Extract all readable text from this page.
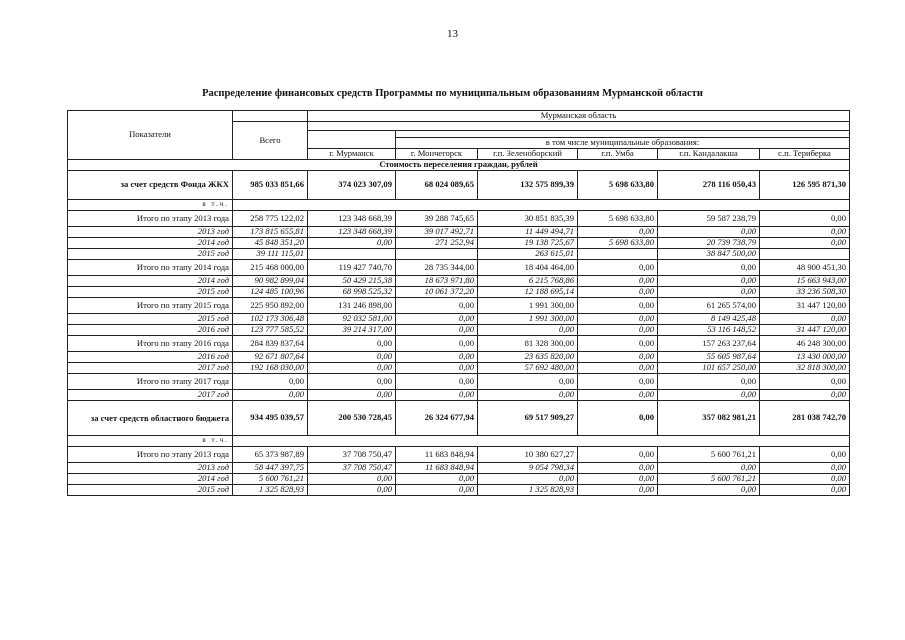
13
Распределение финансовых средств Программы по муниципальным образованиям Мурманской области
Показатели		Мурманская область					
	Всего						

			в том числе муниципальные образования:				
		г. Мурманск	г. Мончегорск	г.п. Зеленоборский	г.п. Умба	г.п. Кандалакша	с.п. Териберка
Стоимость переселения граждан, рублей							
за счет средств Фонда ЖКХ	985 033 851,66	374 023 307,09	68 024 089,65	132 575 899,39	5 698 633,80	278 116 050,43	126 595 871,30
в т.ч.							
Итого по этапу 2013 года	258 775 122,02	123 348 668,39	39 288 745,65	30 851 835,39	5 698 633,80	59 587 238,79	0,00
2013 год	173 815 655,81	123 348 668,39	39 017 492,71	11 449 494,71	0,00	0,00	0,00
2014 год	45 848 351,20	0,00	271 252,94	19 138 725,67	5 698 633,80	20 739 738,79	0,00
2015 год	39 111 115,01			263 615,01		38 847 500,00	
Итого по этапу 2014 года	215 468 000,00	119 427 740,70	28 735 344,00	18 404 464,00	0,00	0,00	48 900 451,30
2014 год	90 982 899,04	50 429 215,38	18 673 971,80	6 215 768,86	0,00	0,00	15 663 943,00
2015 год	124 485 100,96	68 998 525,32	10 061 372,20	12 188 695,14	0,00	0,00	33 236 508,30
Итого по этапу 2015 года	225 950 892,00	131 246 898,00	0,00	1 991 300,00	0,00	61 265 574,00	31 447 120,00
2015 год	102 173 306,48	92 032 581,00	0,00	1 991 300,00	0,00	8 149 425,48	0,00
2016 год	123 777 585,52	39 214 317,00	0,00	0,00	0,00	53 116 148,52	31 447 120,00
Итого по этапу 2016 года	284 839 837,64	0,00	0,00	81 328 300,00	0,00	157 263 237,64	46 248 300,00
2016 год	92 671 807,64	0,00	0,00	23 635 820,00	0,00	55 605 987,64	13 430 000,00
2017 год	192 168 030,00	0,00	0,00	57 692 480,00	0,00	101 657 250,00	32 818 300,00
Итого по этапу 2017 года	0,00	0,00	0,00	0,00	0,00	0,00	0,00
2017 год	0,00	0,00	0,00	0,00	0,00	0,00	0,00
за счет средств областного бюджета	934 495 039,57	200 530 728,45	26 324 677,94	69 517 909,27	0,00	357 082 981,21	281 038 742,70
в т.ч.							
Итого по этапу 2013 года	65 373 987,89	37 708 750,47	11 683 848,94	10 380 627,27	0,00	5 600 761,21	0,00
2013 год	58 447 397,75	37 708 750,47	11 683 848,94	9 054 798,34	0,00	0,00	0,00
2014 год	5 600 761,21	0,00	0,00	0,00	0,00	5 600 761,21	0,00
2015 год	1 325 828,93	0,00	0,00	1 325 828,93	0,00	0,00	0,00
